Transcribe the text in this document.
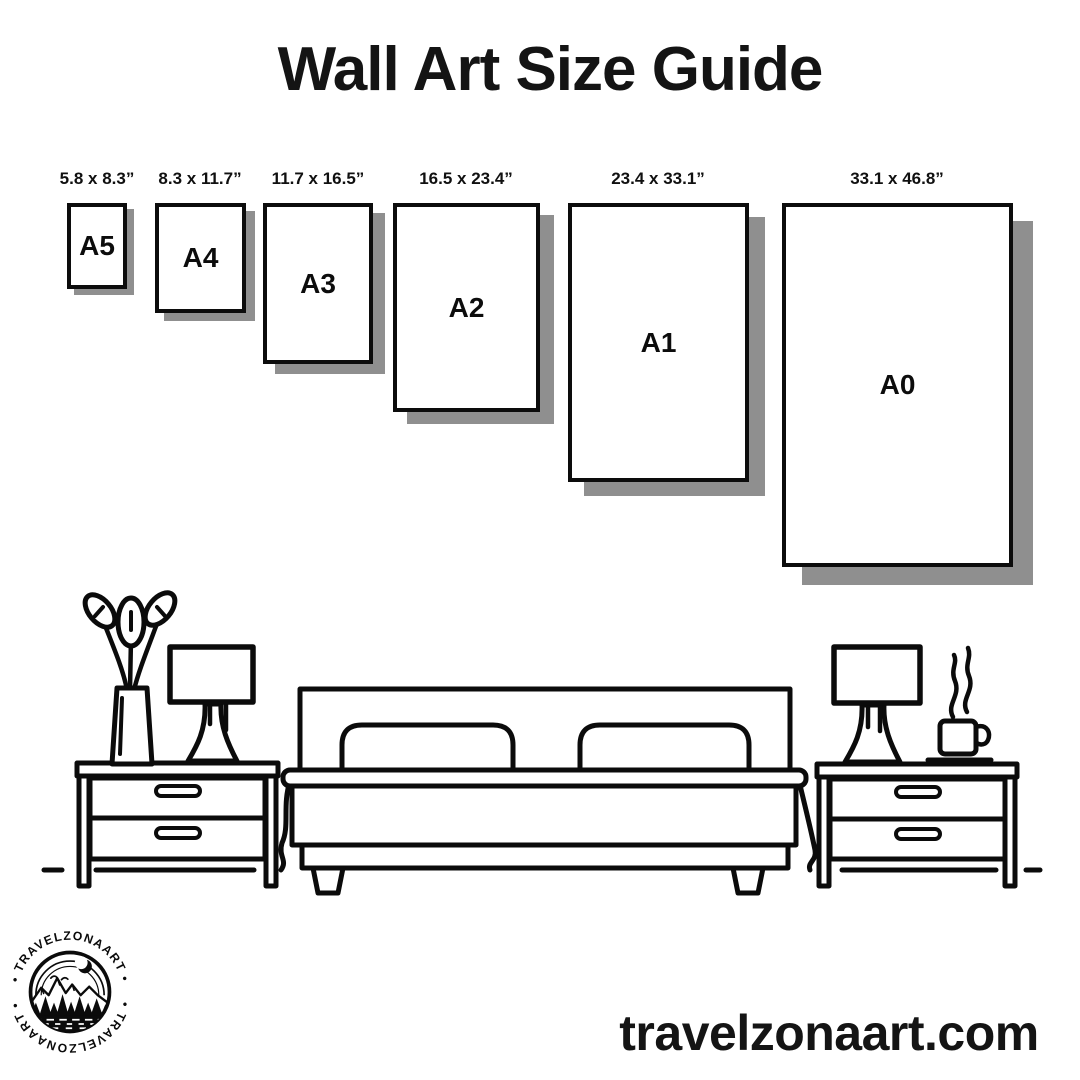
Wall Art Size Guide
5.8 x 8.3”	8.3 x 11.7”	11.7 x 16.5”	16.5 x 23.4”	23.4 x 33.1”	33.1 x 46.8”
A5 A4
A3
A2
A1
A0
• TRAVELZONAART •
• TRAVELZONAART •
travelzonaart.com
